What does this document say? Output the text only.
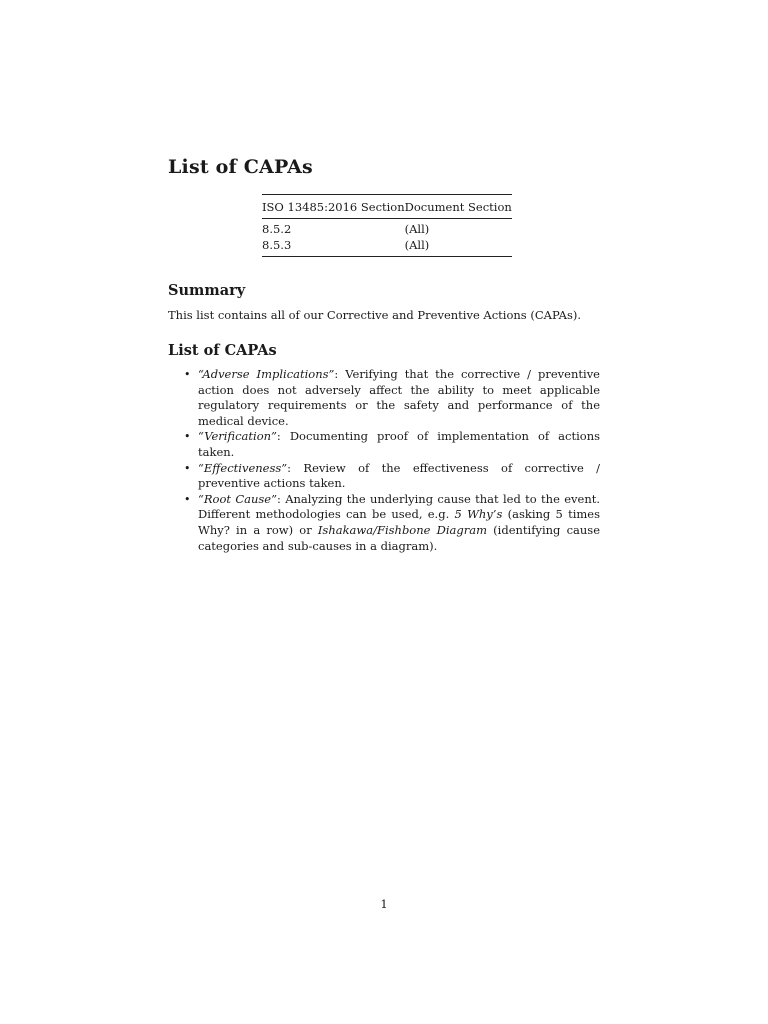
List of CAPAs
ISO 13485:2016 Section	Document Section
8.5.2	(All)
8.5.3	(All)
Summary

This list contains all of our Corrective and Preventive Actions (CAPAs).

List of CAPAs
• “Adverse Implications”: Verifying that the corrective / preventive action does not adversely affect the ability to meet applicable regulatory requirements or the safety and performance of the medical device.
• “Verification”: Documenting proof of implementation of actions taken.
• “Effectiveness”: Review of the effectiveness of corrective / preventive actions taken.
• “Root Cause”: Analyzing the underlying cause that led to the event. Different methodologies can be used, e.g. 5 Why’s (asking 5 times Why? in a row) or Ishakawa/Fishbone Diagram (identifying cause categories and sub-causes in a diagram).
1
